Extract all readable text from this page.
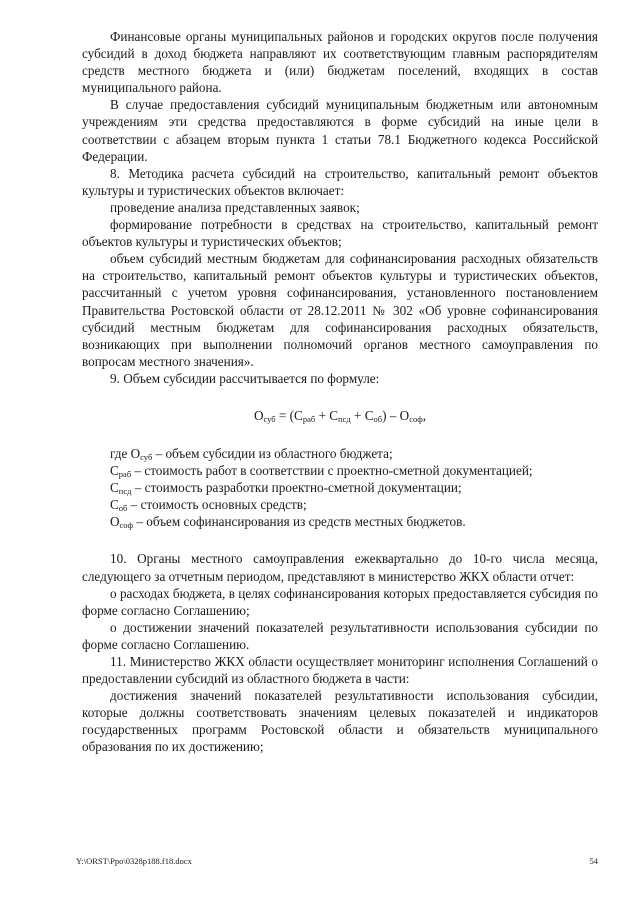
Финансовые органы муниципальных районов и городских округов после получения субсидий в доход бюджета направляют их соответствующим главным распорядителям средств местного бюджета и (или) бюджетам поселений, входящих в состав муниципального района.

В случае предоставления субсидий муниципальным бюджетным или автономным учреждениям эти средства предоставляются в форме субсидий на иные цели в соответствии с абзацем вторым пункта 1 статьи 78.1 Бюджетного кодекса Российской Федерации.

8. Методика расчета субсидий на строительство, капитальный ремонт объектов культуры и туристических объектов включает:

проведение анализа представленных заявок;

формирование потребности в средствах на строительство, капитальный ремонт объектов культуры и туристических объектов;

объем субсидий местным бюджетам для софинансирования расходных обязательств на строительство, капитальный ремонт объектов культуры и туристических объектов, рассчитанный с учетом уровня софинансирования, установленного постановлением Правительства Ростовской области от 28.12.2011 № 302 «Об уровне софинансирования субсидий местным бюджетам для софинансирования расходных обязательств, возникающих при выполнении полномочий органов местного самоуправления по вопросам местного значения».

9. Объем субсидии рассчитывается по формуле:

$О_{суб} = (С_{раб} + С_{псд} + С_{об}) - О_{соф}$,

где $О_{суб}$ – объем субсидии из областного бюджета;

$С_{раб}$ – стоимость работ в соответствии с проектно-сметной документацией;

$С_{псд}$ – стоимость разработки проектно-сметной документации;

$С_{об}$ – стоимость основных средств;

$О_{соф}$ – объем софинансирования из средств местных бюджетов.

10. Органы местного самоуправления ежеквартально до 10-го числа месяца, следующего за отчетным периодом, представляют в министерство ЖКХ области отчет:

о расходах бюджета, в целях софинансирования которых предоставляется субсидия по форме согласно Соглашению;

о достижении значений показателей результативности использования субсидии по форме согласно Соглашению.

11. Министерство ЖКХ области осуществляет мониторинг исполнения Соглашений о предоставлении субсидий из областного бюджета в части:

достижения значений показателей результативности использования субсидии, которые должны соответствовать значениям целевых показателей и индикаторов государственных программ Ростовской области и обязательств муниципального образования по их достижению;

Y:\ORST\Ppo\0328p188.f18.docx	54
